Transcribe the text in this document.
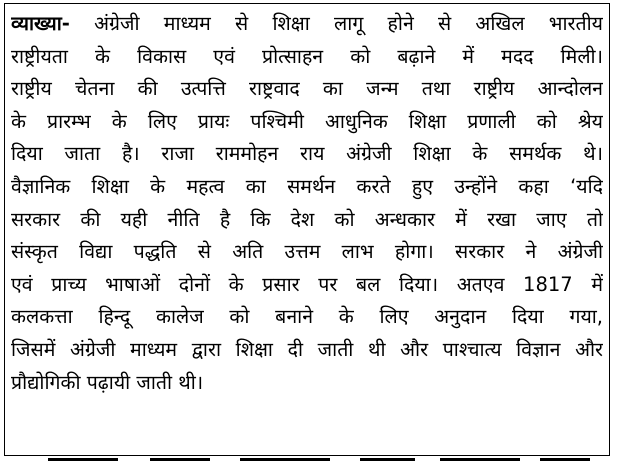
व्याख्या- अंग्रेजी माध्यम से शिक्षा लागू होने से अखिल भारतीय
राष्ट्रीयता के विकास एवं प्रोत्साहन को बढ़ाने में मदद मिली।
राष्ट्रीय चेतना की उत्पत्ति राष्ट्रवाद का जन्म तथा राष्ट्रीय आन्दोलन
के प्रारम्भ के लिए प्रायः पश्चिमी आधुनिक शिक्षा प्रणाली को श्रेय
दिया जाता है। राजा राममोहन राय अंग्रेजी शिक्षा के समर्थक थे।
वैज्ञानिक शिक्षा के महत्व का समर्थन करते हुए उन्होंने कहा ‘यदि
सरकार की यही नीति है कि देश को अन्धकार में रखा जाए तो
संस्कृत विद्या पद्धति से अति उत्तम लाभ होगा। सरकार ने अंग्रेजी
एवं प्राच्य भाषाओं दोनों के प्रसार पर बल दिया। अतएव 1817 में
कलकत्ता हिन्दू कालेज को बनाने के लिए अनुदान दिया गया,
जिसमें अंग्रेजी माध्यम द्वारा शिक्षा दी जाती थी और पाश्चात्य विज्ञान और
प्रौद्योगिकी पढ़ायी जाती थी।
